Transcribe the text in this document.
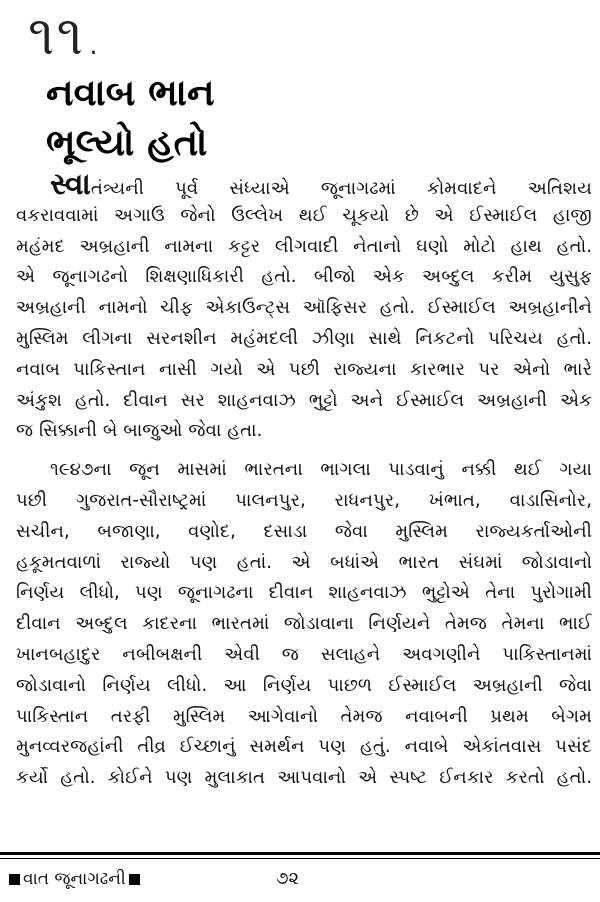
૧૧.
નવાબ ભાન
ભૂલ્યો હતો
સ્વાતંત્ર્યની પૂર્વ સંધ્યાએ જૂનાગઢમાં કોમવાદને અતિશય
વકરાવવામાં અગાઉ જેનો ઉલ્લેખ થઈ ચૂકયો છે એ ઈસ્માઈલ હાજી
મહંમદ અબ્રહાની નામના કટ્ટર લીગવાદી નેતાનો ઘણો મોટો હાથ હતો.
એ જૂનાગઢનો શિક્ષણાધિકારી હતો. બીજો એક અબ્દુલ કરીમ યુસુફ
અબ્રહાની નામનો ચીફ એકાઉન્ટ્સ ઑફિસર હતો. ઈસ્માઈલ અબ્રહાનીને
મુસ્લિમ લીગના સરનશીન મહંમદલી ઝીણા સાથે નિકટનો પરિચય હતો.
નવાબ પાકિસ્તાન નાસી ગયો એ પછી રાજ્યના કારભાર પર એનો ભારે
અંકુશ હતો. દીવાન સર શાહનવાઝ ભુટ્ટો અને ઈસ્માઈલ અબ્રહાની એક
જ સિક્કાની બે બાજુઓ જેવા હતા.
૧૯૪૭ના જૂન માસમાં ભારતના ભાગલા પાડવાનું નક્કી થઈ ગયા
પછી ગુજરાત-સૌરાષ્ટ્રમાં પાલનપુર, રાધનપુર, ખંભાત, વાડાસિનોર,
સચીન, બજાણા, વણોદ, દસાડા જેવા મુસ્લિમ રાજ્યકર્તાઓની
હકૂમતવાળાં રાજ્યો પણ હતાં. એ બધાંએ ભારત સંઘમાં જોડાવાનો
નિર્ણય લીધો, પણ જૂનાગઢના દીવાન શાહનવાઝ ભુટ્ટોએ તેના પુરોગામી
દીવાન અબ્દુલ કાદરના ભારતમાં જોડાવાના નિર્ણયને તેમજ તેમના ભાઈ
ખાનબહાદુર નબીબક્ષની એવી જ સલાહને અવગણીને પાકિસ્તાનમાં
જોડાવાનો નિર્ણય લીધો. આ નિર્ણય પાછળ ઈસ્માઈલ અબ્રહાની જેવા
પાકિસ્તાન તરફી મુસ્લિમ આગેવાનો તેમજ નવાબની પ્રથમ બેગમ
મુનવ્વરજહાંની તીવ્ર ઈચ્છાનું સમર્થન પણ હતું. નવાબે એકાંતવાસ પસંદ
કર્યો હતો. કોઈને પણ મુલાકાત આપવાનો એ સ્પષ્ટ ઈનકાર કરતો હતો.
વાત જૂનાગઢની	૭૨
